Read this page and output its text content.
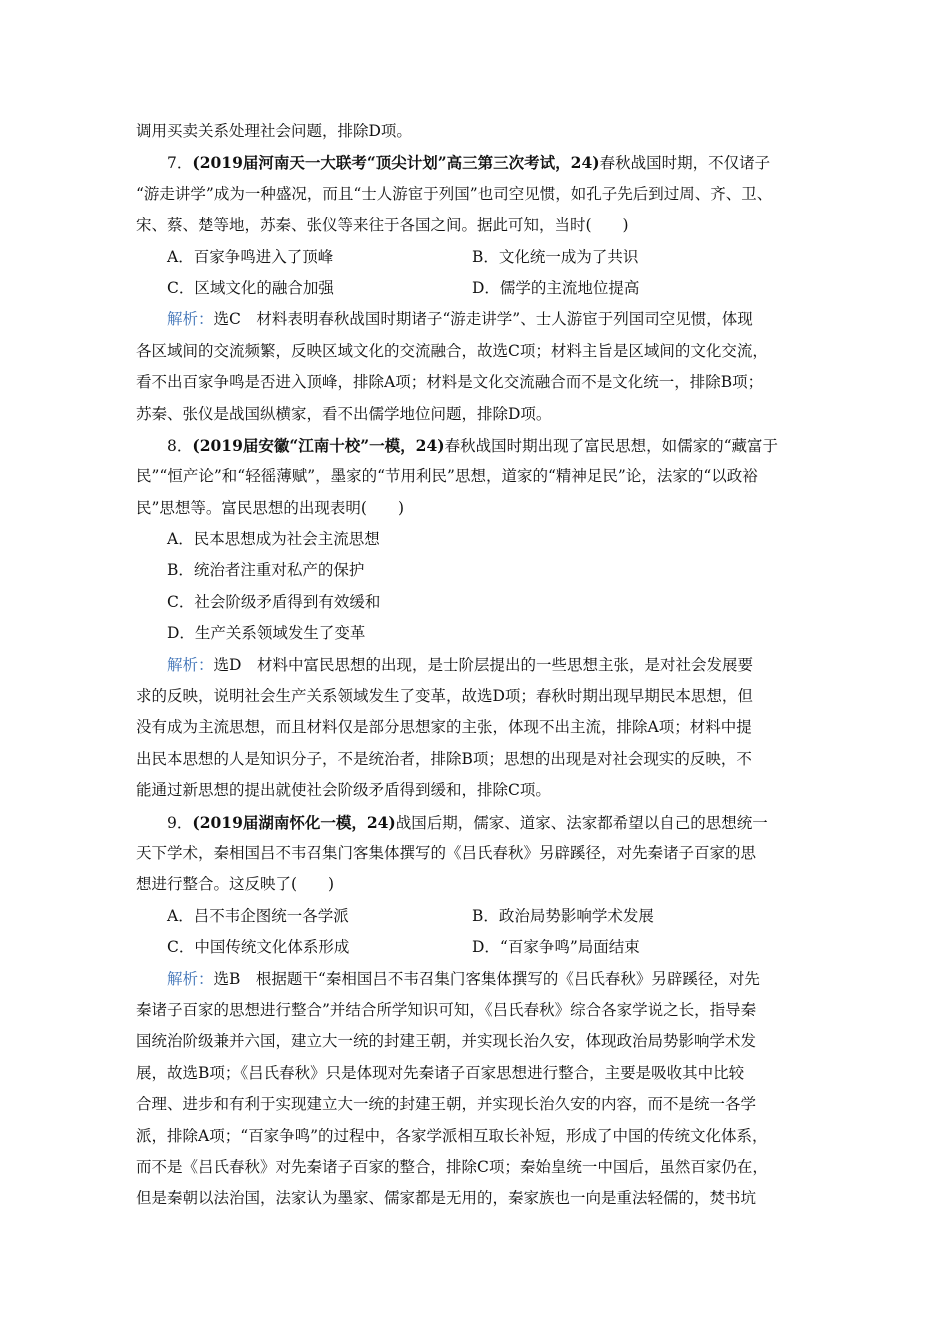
调用买卖关系处理社会问题，排除D项。
7．(2019届河南天一大联考“顶尖计划”高三第三次考试，24)春秋战国时期，不仅诸子
“游走讲学”成为一种盛况，而且“士人游宦于列国”也司空见惯，如孔子先后到过周、齐、卫、
宋、蔡、楚等地，苏秦、张仪等来往于各国之间。据此可知，当时(　　)
A．百家争鸣进入了顶峰	B．文化统一成为了共识
C．区域文化的融合加强	D．儒学的主流地位提高
解析：选C　材料表明春秋战国时期诸子“游走讲学”、士人游宦于列国司空见惯，体现
各区域间的交流频繁，反映区域文化的交流融合，故选C项；材料主旨是区域间的文化交流，
看不出百家争鸣是否进入顶峰，排除A项；材料是文化交流融合而不是文化统一，排除B项；
苏秦、张仪是战国纵横家，看不出儒学地位问题，排除D项。
8．(2019届安徽“江南十校”一模，24)春秋战国时期出现了富民思想，如儒家的“藏富于
民”“恒产论”和“轻徭薄赋”，墨家的“节用利民”思想，道家的“精神足民”论，法家的“以政裕
民”思想等。富民思想的出现表明(　　)
A．民本思想成为社会主流思想
B．统治者注重对私产的保护
C．社会阶级矛盾得到有效缓和
D．生产关系领域发生了变革
解析：选D　材料中富民思想的出现，是士阶层提出的一些思想主张，是对社会发展要
求的反映，说明社会生产关系领域发生了变革，故选D项；春秋时期出现早期民本思想，但
没有成为主流思想，而且材料仅是部分思想家的主张，体现不出主流，排除A项；材料中提
出民本思想的人是知识分子，不是统治者，排除B项；思想的出现是对社会现实的反映，不
能通过新思想的提出就使社会阶级矛盾得到缓和，排除C项。
9．(2019届湖南怀化一模，24)战国后期，儒家、道家、法家都希望以自己的思想统一
天下学术，秦相国吕不韦召集门客集体撰写的《吕氏春秋》另辟蹊径，对先秦诸子百家的思
想进行整合。这反映了(　　)
A．吕不韦企图统一各学派	B．政治局势影响学术发展
C．中国传统文化体系形成	D．“百家争鸣”局面结束
解析：选B　根据题干“秦相国吕不韦召集门客集体撰写的《吕氏春秋》另辟蹊径，对先
秦诸子百家的思想进行整合”并结合所学知识可知，《吕氏春秋》综合各家学说之长，指导秦
国统治阶级兼并六国，建立大一统的封建王朝，并实现长治久安，体现政治局势影响学术发
展，故选B项；《吕氏春秋》只是体现对先秦诸子百家思想进行整合，主要是吸收其中比较
合理、进步和有利于实现建立大一统的封建王朝，并实现长治久安的内容，而不是统一各学
派，排除A项；“百家争鸣”的过程中，各家学派相互取长补短，形成了中国的传统文化体系，
而不是《吕氏春秋》对先秦诸子百家的整合，排除C项；秦始皇统一中国后，虽然百家仍在，
但是秦朝以法治国，法家认为墨家、儒家都是无用的，秦家族也一向是重法轻儒的，焚书坑
